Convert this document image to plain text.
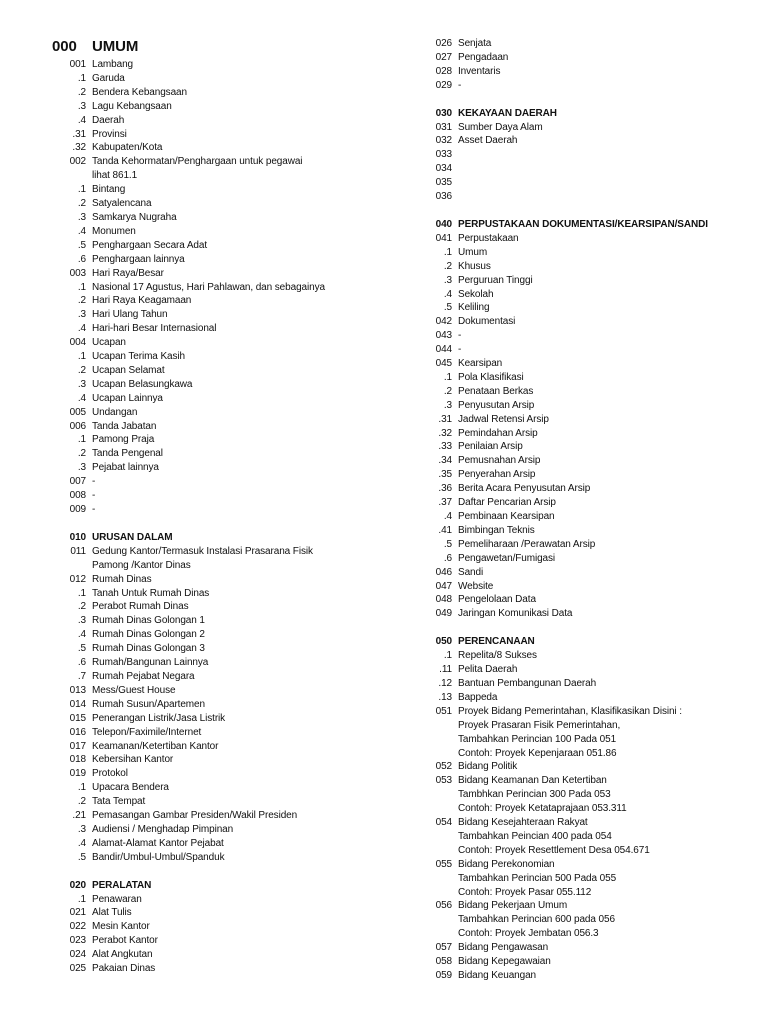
000	UMUM
001 Lambang
.1 Garuda
.2 Bendera Kebangsaan
.3 Lagu Kebangsaan
.4 Daerah
.31 Provinsi
.32 Kabupaten/Kota
002 Tanda Kehormatan/Penghargaan untuk pegawai
lihat 861.1
.1 Bintang
.2 Satyalencana
.3 Samkarya Nugraha
.4 Monumen
.5 Penghargaan Secara Adat
.6 Penghargaan lainnya
003 Hari Raya/Besar
.1 Nasional 17 Agustus, Hari Pahlawan, dan sebagainya
.2 Hari Raya Keagamaan
.3 Hari Ulang Tahun
.4 Hari-hari Besar Internasional
004 Ucapan
.1 Ucapan Terima Kasih
.2 Ucapan Selamat
.3 Ucapan Belasungkawa
.4 Ucapan Lainnya
005 Undangan
006 Tanda Jabatan
.1 Pamong Praja
.2 Tanda Pengenal
.3 Pejabat lainnya
007 -
008 -
009 -
010 URUSAN DALAM
011 Gedung Kantor/Termasuk Instalasi Prasarana Fisik
Pamong /Kantor Dinas
012 Rumah Dinas
.1 Tanah Untuk Rumah Dinas
.2 Perabot Rumah Dinas
.3 Rumah Dinas Golongan 1
.4 Rumah Dinas Golongan 2
.5 Rumah Dinas Golongan 3
.6 Rumah/Bangunan Lainnya
.7 Rumah Pejabat Negara
013 Mess/Guest House
014 Rumah Susun/Apartemen
015 Penerangan Listrik/Jasa Listrik
016 Telepon/Faximile/Internet
017 Keamanan/Ketertiban Kantor
018 Kebersihan Kantor
019 Protokol
.1 Upacara Bendera
.2 Tata Tempat
.21 Pemasangan Gambar Presiden/Wakil Presiden
.3 Audiensi / Menghadap Pimpinan
.4 Alamat-Alamat Kantor Pejabat
.5 Bandir/Umbul-Umbul/Spanduk
020 PERALATAN
.1 Penawaran
021 Alat Tulis
022 Mesin Kantor
023 Perabot Kantor
024 Alat Angkutan
025 Pakaian Dinas
026 Senjata
027 Pengadaan
028 Inventaris
029 -
030 KEKAYAAN DAERAH
031 Sumber Daya Alam
032 Asset Daerah
033
034
035
036
040 PERPUSTAKAAN DOKUMENTASI/KEARSIPAN/SANDI
041 Perpustakaan
.1 Umum
.2 Khusus
.3 Perguruan Tinggi
.4 Sekolah
.5 Keliling
042 Dokumentasi
043 -
044 -
045 Kearsipan
.1 Pola Klasifikasi
.2 Penataan Berkas
.3 Penyusutan Arsip
.31 Jadwal Retensi Arsip
.32 Pemindahan Arsip
.33 Penilaian Arsip
.34 Pemusnahan Arsip
.35 Penyerahan Arsip
.36 Berita Acara Penyusutan Arsip
.37 Daftar Pencarian Arsip
.4 Pembinaan Kearsipan
.41 Bimbingan Teknis
.5 Pemeliharaan /Perawatan Arsip
.6 Pengawetan/Fumigasi
046 Sandi
047 Website
048 Pengelolaan Data
049 Jaringan Komunikasi Data
050 PERENCANAAN
.1 Repelita/8 Sukses
.11 Pelita Daerah
.12 Bantuan Pembangunan Daerah
.13 Bappeda
051 Proyek Bidang Pemerintahan, Klasifikasikan Disini :
Proyek Prasaran Fisik Pemerintahan,
Tambahkan Perincian 100 Pada 051
Contoh: Proyek Kepenjaraan 051.86
052 Bidang Politik
053 Bidang Keamanan Dan Ketertiban
Tambhkan Perincian 300 Pada 053
Contoh: Proyek Ketataprajaan 053.311
054 Bidang Kesejahteraan Rakyat
Tambahkan Peincian 400 pada 054
Contoh: Proyek Resettlement Desa 054.671
055 Bidang Perekonomian
Tambahkan Perincian 500 Pada 055
Contoh: Proyek Pasar 055.112
056 Bidang Pekerjaan Umum
Tambahkan Perincian 600 pada 056
Contoh: Proyek Jembatan 056.3
057 Bidang Pengawasan
058 Bidang Kepegawaian
059 Bidang Keuangan
